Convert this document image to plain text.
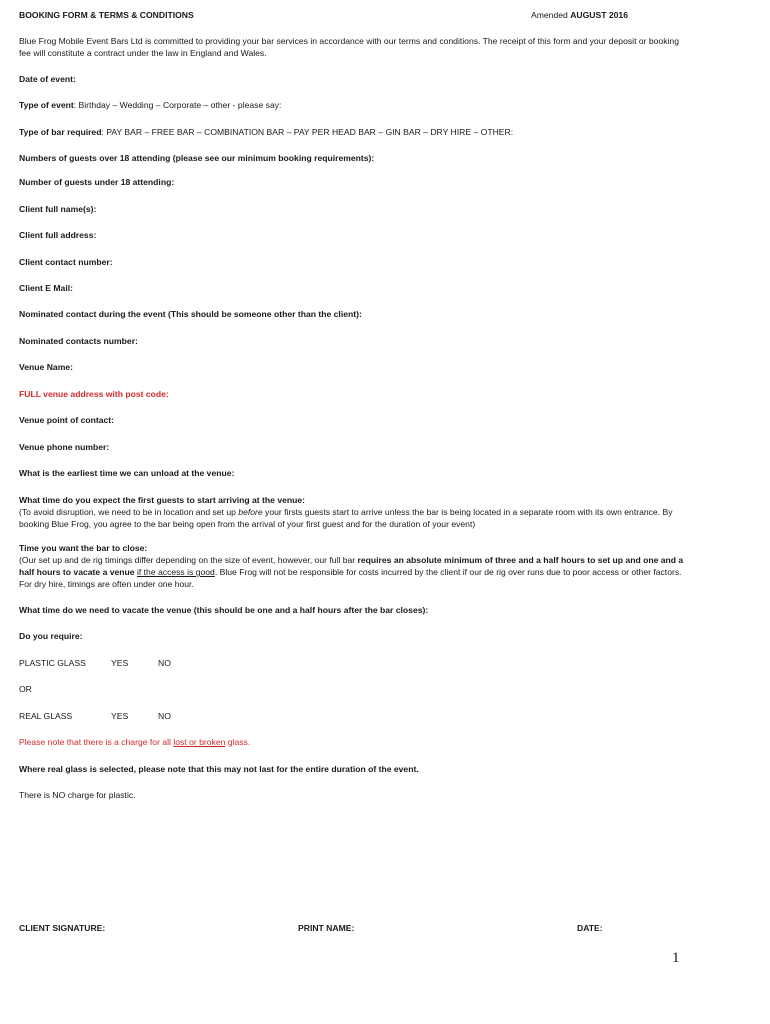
BOOKING FORM & TERMS & CONDITIONS	Amended AUGUST 2016
Blue Frog Mobile Event Bars Ltd is committed to providing your bar services in accordance with our terms and conditions. The receipt of this form and your deposit or booking fee will constitute a contract under the law in England and Wales.
Date of event:
Type of event: Birthday – Wedding – Corporate – other - please say:
Type of bar required: PAY BAR – FREE BAR – COMBINATION BAR – PAY PER HEAD BAR – GIN BAR – DRY HIRE – OTHER:
Numbers of guests over 18 attending (please see our minimum booking requirements):
Number of guests under 18 attending:
Client full name(s):
Client full address:
Client contact number:
Client E Mail:
Nominated contact during the event (This should be someone other than the client):
Nominated contacts number:
Venue Name:
FULL venue address with post code:
Venue point of contact:
Venue phone number:
What is the earliest time we can unload at the venue:
What time do you expect the first guests to start arriving at the venue:
(To avoid disruption, we need to be in location and set up before your firsts guests start to arrive unless the bar is being located in a separate room with its own entrance. By booking Blue Frog, you agree to the bar being open from the arrival of your first guest and for the duration of your event)
Time you want the bar to close:
(Our set up and de rig timings differ depending on the size of event, however, our full bar requires an absolute minimum of three and a half hours to set up and one and a half hours to vacate a venue if the access is good. Blue Frog will not be responsible for costs incurred by the client if our de rig over runs due to poor access or other factors. For dry hire, timings are often under one hour.
What time do we need to vacate the venue (this should be one and a half hours after the bar closes):
Do you require:
PLASTIC GLASS	YES	NO
OR
REAL GLASS	YES	NO
Please note that there is a charge for all lost or broken glass.
Where real glass is selected, please note that this may not last for the entire duration of the event.
There is NO charge for plastic.
CLIENT SIGNATURE:	PRINT NAME:	DATE:
1
